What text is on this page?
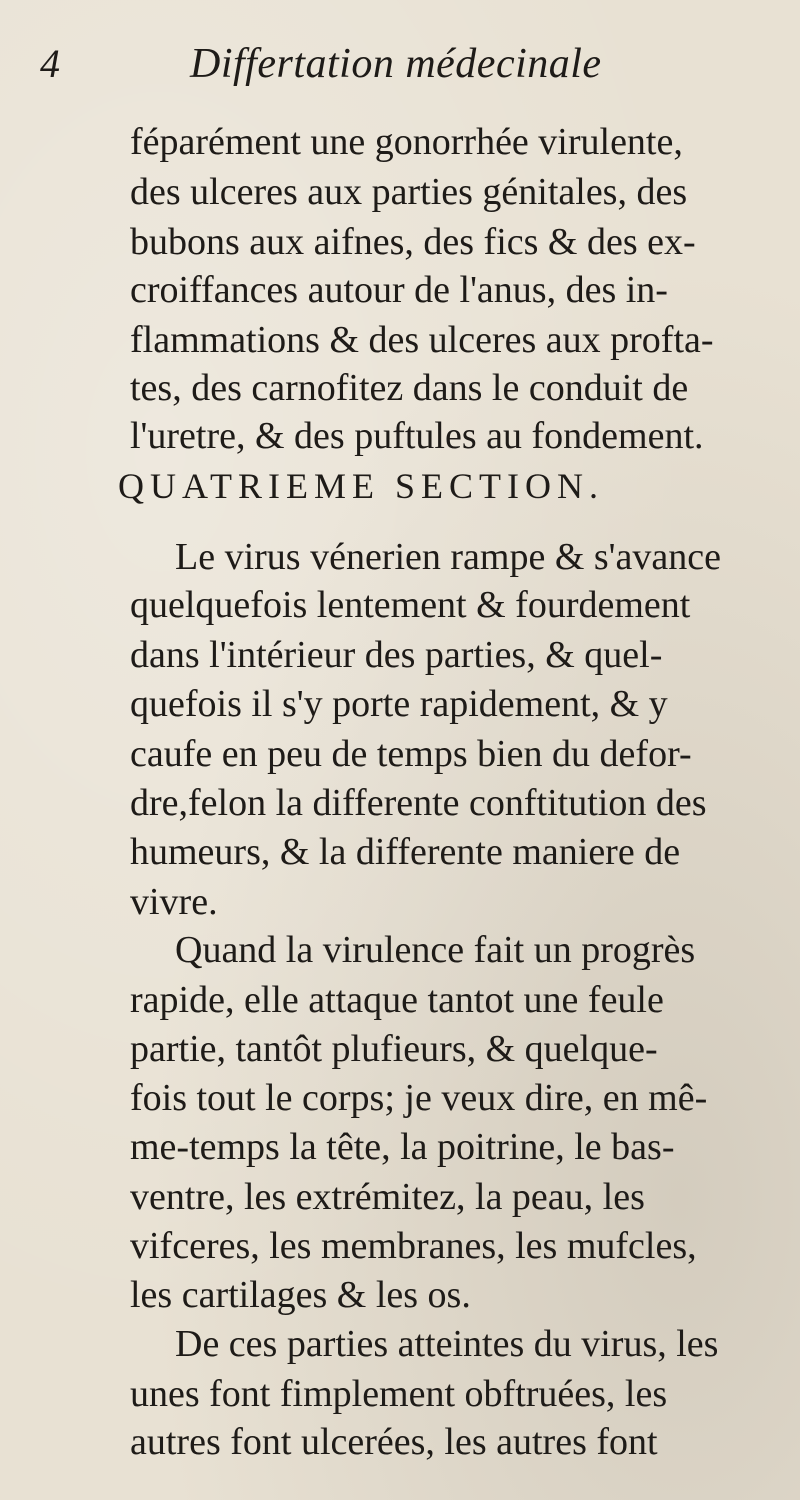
4	Differtation médecinale
féparément une gonorrhée virulente,
des ulceres aux parties génitales, des
bubons aux aifnes, des fics & des ex-
croiffances autour de l'anus, des in-
flammations & des ulceres aux profta-
tes, des carnofitez dans le conduit de
l'uretre, & des puftules au fondement.
QUATRIEME SECTION.
Le virus vénerien rampe & s'avance
quelquefois lentement & fourdement
dans l'intérieur des parties, & quel-
quefois il s'y porte rapidement, & y
caufe en peu de temps bien du defor-
dre,felon la differente conftitution des
humeurs, & la differente maniere de
vivre.
Quand la virulence fait un progrès
rapide, elle attaque tantot une feule
partie, tantôt plufieurs, & quelque-
fois tout le corps; je veux dire, en mê-
me-temps la tête, la poitrine, le bas-
ventre, les extrémitez, la peau, les
vifceres, les membranes, les mufcles,
les cartilages & les os.
De ces parties atteintes du virus, les
unes font fimplement obftruées, les
autres font ulcerées, les autres font
